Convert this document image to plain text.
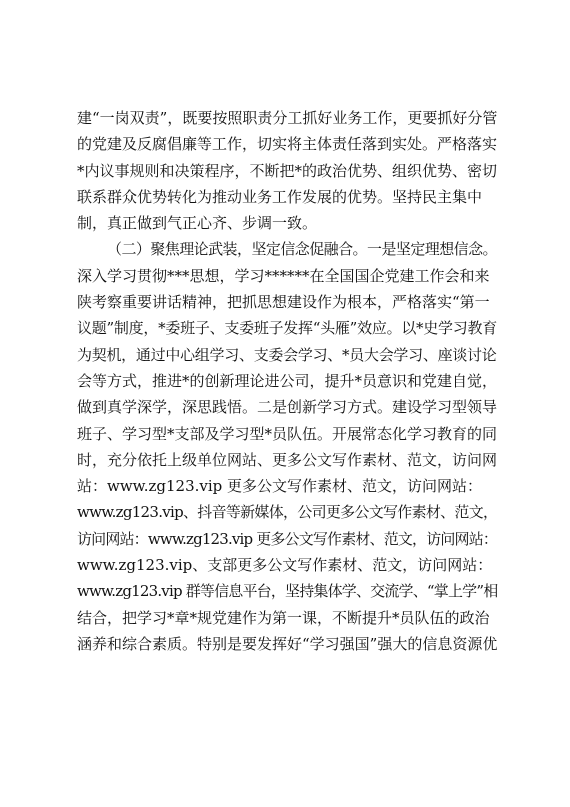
建“一岗双责”，既要按照职责分工抓好业务工作，更要抓好分管
的党建及反腐倡廉等工作，切实将主体责任落到实处。严格落实
*内议事规则和决策程序，不断把*的政治优势、组织优势、密切
联系群众优势转化为推动业务工作发展的优势。坚持民主集中
制，真正做到气正心齐、步调一致。
（二）聚焦理论武装，坚定信念促融合。一是坚定理想信念。
深入学习贯彻***思想，学习******在全国国企党建工作会和来
陕考察重要讲话精神，把抓思想建设作为根本，严格落实“第一
议题”制度，*委班子、支委班子发挥“头雁”效应。以*史学习教育
为契机，通过中心组学习、支委会学习、*员大会学习、座谈讨论
会等方式，推进*的创新理论进公司，提升*员意识和党建自觉，
做到真学深学，深思践悟。二是创新学习方式。建设学习型领导
班子、学习型*支部及学习型*员队伍。开展常态化学习教育的同
时，充分依托上级单位网站、更多公文写作素材、范文，访问网
站：www.zg123.vip 更多公文写作素材、范文，访问网站：
www.zg123.vip、抖音等新媒体，公司更多公文写作素材、范文，
访问网站：www.zg123.vip 更多公文写作素材、范文，访问网站：
www.zg123.vip、支部更多公文写作素材、范文，访问网站：
www.zg123.vip 群等信息平台，坚持集体学、交流学、“掌上学”相
结合，把学习*章*规党建作为第一课，不断提升*员队伍的政治
涵养和综合素质。特别是要发挥好“学习强国”强大的信息资源优
